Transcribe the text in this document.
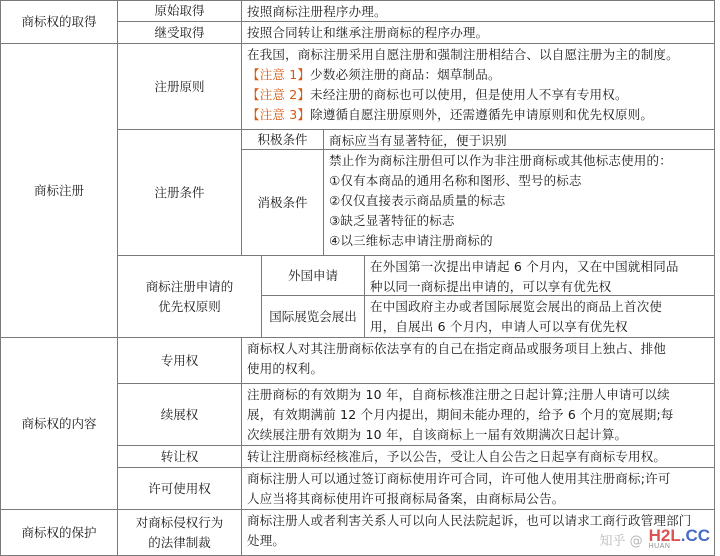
商标权的取得
原始取得
继受取得
按照商标注册程序办理。
按照合同转让和继承注册商标的程序办理。
商标注册
注册原则
在我国，商标注册采用自愿注册和强制注册相结合、以自愿注册为主的制度。
【注意 1】少数必须注册的商品：烟草制品。
【注意 2】未经注册的商标也可以使用，但是使用人不享有专用权。
【注意 3】除遵循自愿注册原则外，还需遵循先申请原则和优先权原则。
注册条件
积极条件 商标应当有显著特征，便于识别
消极条件
禁止作为商标注册但可以作为非注册商标或其他标志使用的：
①仅有本商品的通用名称和图形、型号的标志
②仅仅直接表示商品质量的标志
③缺乏显著特征的标志
④以三维标志申请注册商标的
商标注册申请的
优先权原则
外国申请
在外国第一次提出申请起 6 个月内，又在中国就相同品
种以同一商标提出申请的，可以享有优先权
国际展览会展出
在中国政府主办或者国际展览会展出的商品上首次使
用，自展出 6 个月内，申请人可以享有优先权
商标权的内容
专用权
商标权人对其注册商标依法享有的自己在指定商品或服务项目上独占、排他
使用的权利。
续展权
注册商标的有效期为 10 年，自商标核准注册之日起计算;注册人申请可以续
展，有效期满前 12 个月内提出，期间未能办理的，给予 6 个月的宽展期;每
次续展注册有效期为 10 年，自该商标上一届有效期满次日起计算。
转让权	转让注册商标经核准后，予以公告，受让人自公告之日起享有商标专用权。
许可使用权
商标注册人可以通过签订商标使用许可合同，许可他人使用其注册商标;许可
人应当将其商标使用许可报商标局备案，由商标局公告。
商标权的保护
对商标侵权行为
的法律制裁
商标注册人或者利害关系人可以向人民法院起诉，也可以请求工商行政管理部门
处理。	知乎 @ H2L.CC
HUAN
